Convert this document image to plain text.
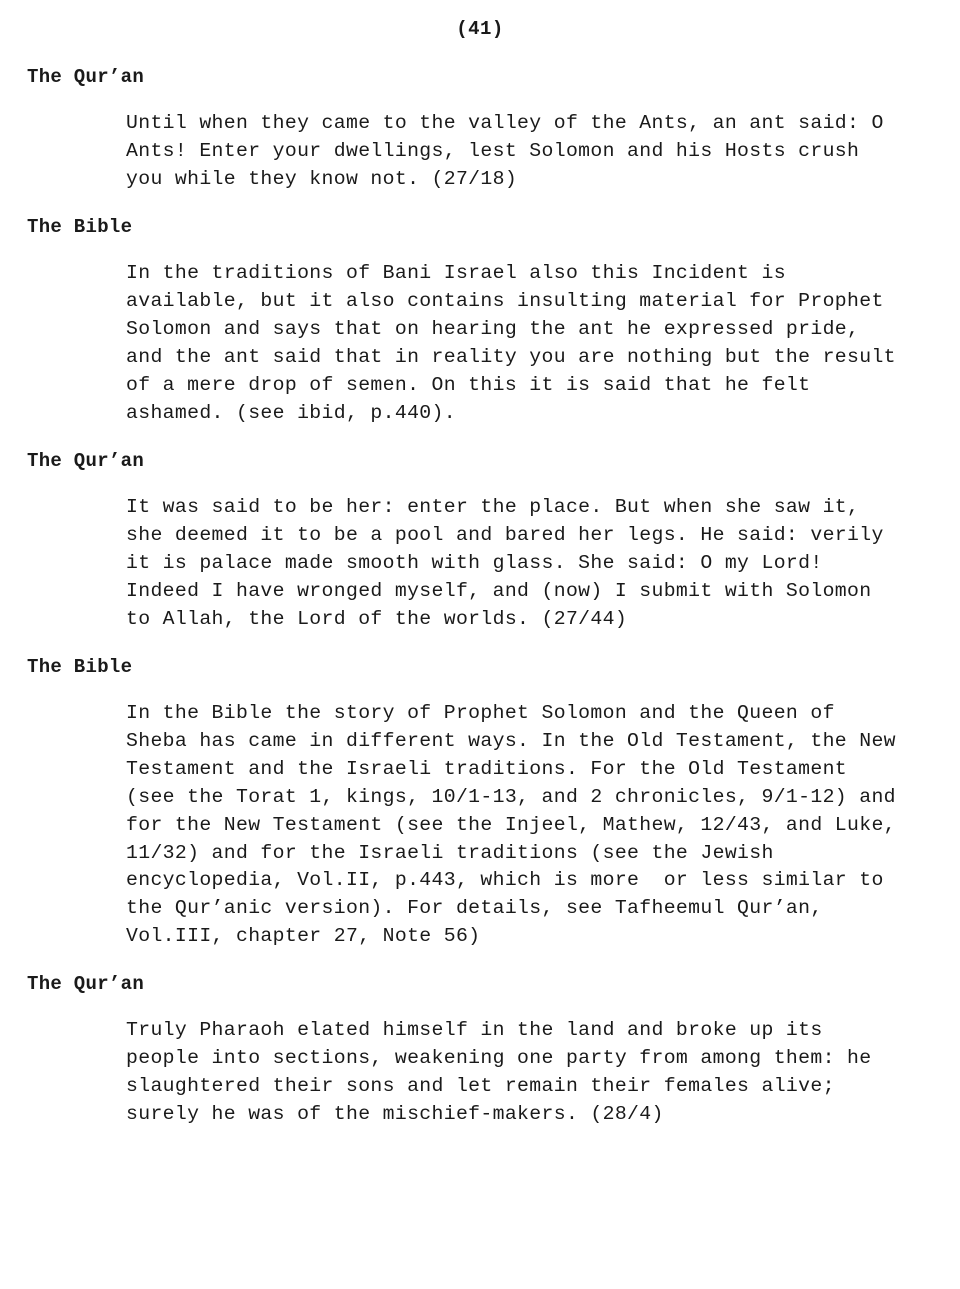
(41)
The Qur’an
Until when they came to the valley of the Ants, an ant said: O
Ants! Enter your dwellings, lest Solomon and his Hosts crush
you while they know not. (27/18)
The Bible
In the traditions of Bani Israel also this Incident is
available, but it also contains insulting material for Prophet
Solomon and says that on hearing the ant he expressed pride,
and the ant said that in reality you are nothing but the result
of a mere drop of semen. On this it is said that he felt
ashamed. (see ibid, p.440).
The Qur’an
It was said to be her: enter the place. But when she saw it,
she deemed it to be a pool and bared her legs. He said: verily
it is palace made smooth with glass. She said: O my Lord!
Indeed I have wronged myself, and (now) I submit with Solomon
to Allah, the Lord of the worlds. (27/44)
The Bible
In the Bible the story of Prophet Solomon and the Queen of
Sheba has came in different ways. In the Old Testament, the New
Testament and the Israeli traditions. For the Old Testament
(see the Torat 1, kings, 10/1-13, and 2 chronicles, 9/1-12) and
for the New Testament (see the Injeel, Mathew, 12/43, and Luke,
11/32) and for the Israeli traditions (see the Jewish
encyclopedia, Vol.II, p.443, which is more  or less similar to
the Qur’anic version). For details, see Tafheemul Qur’an,
Vol.III, chapter 27, Note 56)
The Qur’an
Truly Pharaoh elated himself in the land and broke up its
people into sections, weakening one party from among them: he
slaughtered their sons and let remain their females alive;
surely he was of the mischief-makers. (28/4)
